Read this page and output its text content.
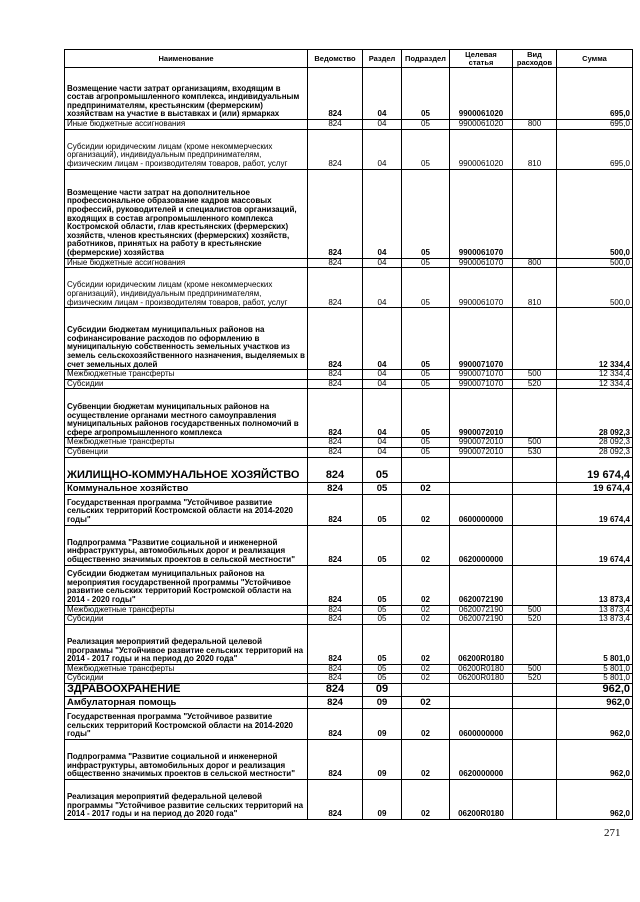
Наименование	Ведомство	Раздел	Подраздел	Целевая статья	Вид расходов	Сумма
Возмещение части затрат организациям, входящим в состав агропромышленного комплекса, индивидуальным предпринимателям, крестьянским (фермерским) хозяйствам на участие в выставках и (или) ярмарках	824	04	05	9900061020		695,0
Иные бюджетные ассигнования	824	04	05	9900061020	800	695,0
Субсидии юридическим лицам (кроме некоммерческих организаций), индивидуальным предпринимателям, физическим лицам - производителям товаров, работ, услуг	824	04	05	9900061020	810	695,0
Возмещение части затрат на дополнительное профессиональное образование кадров массовых профессий, руководителей и специалистов организаций, входящих в состав агропромышленного комплекса Костромской области, глав крестьянских (фермерских) хозяйств, членов крестьянских (фермерских) хозяйств, работников, принятых на работу в крестьянские (фермерские) хозяйства	824	04	05	9900061070		500,0
Иные бюджетные ассигнования	824	04	05	9900061070	800	500,0
Субсидии юридическим лицам (кроме некоммерческих организаций), индивидуальным предпринимателям, физическим лицам - производителям товаров, работ, услуг	824	04	05	9900061070	810	500,0
Субсидии бюджетам муниципальных районов на софинансирование расходов по оформлению в муниципальную собственность земельных участков из земель сельскохозяйственного назначения, выделяемых в счет земельных долей	824	04	05	9900071070		12 334,4
Межбюджетные трансферты	824	04	05	9900071070	500	12 334,4
Субсидии	824	04	05	9900071070	520	12 334,4
Субвенции бюджетам муниципальных районов на осуществление органами местного самоуправления муниципальных районов государственных полномочий в сфере агропромышленного комплекса	824	04	05	9900072010		28 092,3
Межбюджетные трансферты	824	04	05	9900072010	500	28 092,3
Субвенции	824	04	05	9900072010	530	28 092,3
ЖИЛИЩНО-КОММУНАЛЬНОЕ ХОЗЯЙСТВО	824	05				19 674,4
Коммунальное хозяйство	824	05	02			19 674,4
Государственная программа "Устойчивое развитие сельских территорий Костромской области на 2014-2020 годы"	824	05	02	0600000000		19 674,4
Подпрограмма "Развитие социальной и инженерной инфраструктуры, автомобильных дорог и реализация общественно значимых проектов в сельской местности"	824	05	02	0620000000		19 674,4
Субсидии бюджетам муниципальных районов на мероприятия государственной программы "Устойчивое развитие сельских территорий Костромской области на 2014 - 2020 годы"	824	05	02	0620072190		13 873,4
Межбюджетные трансферты	824	05	02	0620072190	500	13 873,4
Субсидии	824	05	02	0620072190	520	13 873,4
Реализация мероприятий федеральной целевой программы "Устойчивое развитие сельских территорий на 2014 - 2017 годы и на период до 2020 года"	824	05	02	06200R0180		5 801,0
Межбюджетные трансферты	824	05	02	06200R0180	500	5 801,0
Субсидии	824	05	02	06200R0180	520	5 801,0
ЗДРАВООХРАНЕНИЕ	824	09				962,0
Амбулаторная помощь	824	09	02			962,0
Государственная программа "Устойчивое развитие сельских территорий Костромской области на 2014-2020 годы"	824	09	02	0600000000		962,0
Подпрограмма "Развитие социальной и инженерной инфраструктуры, автомобильных дорог и реализация общественно значимых проектов в сельской местности"	824	09	02	0620000000		962,0
Реализация мероприятий федеральной целевой программы "Устойчивое развитие сельских территорий на 2014 - 2017 годы и на период до 2020 года"	824	09	02	06200R0180		962,0
271
